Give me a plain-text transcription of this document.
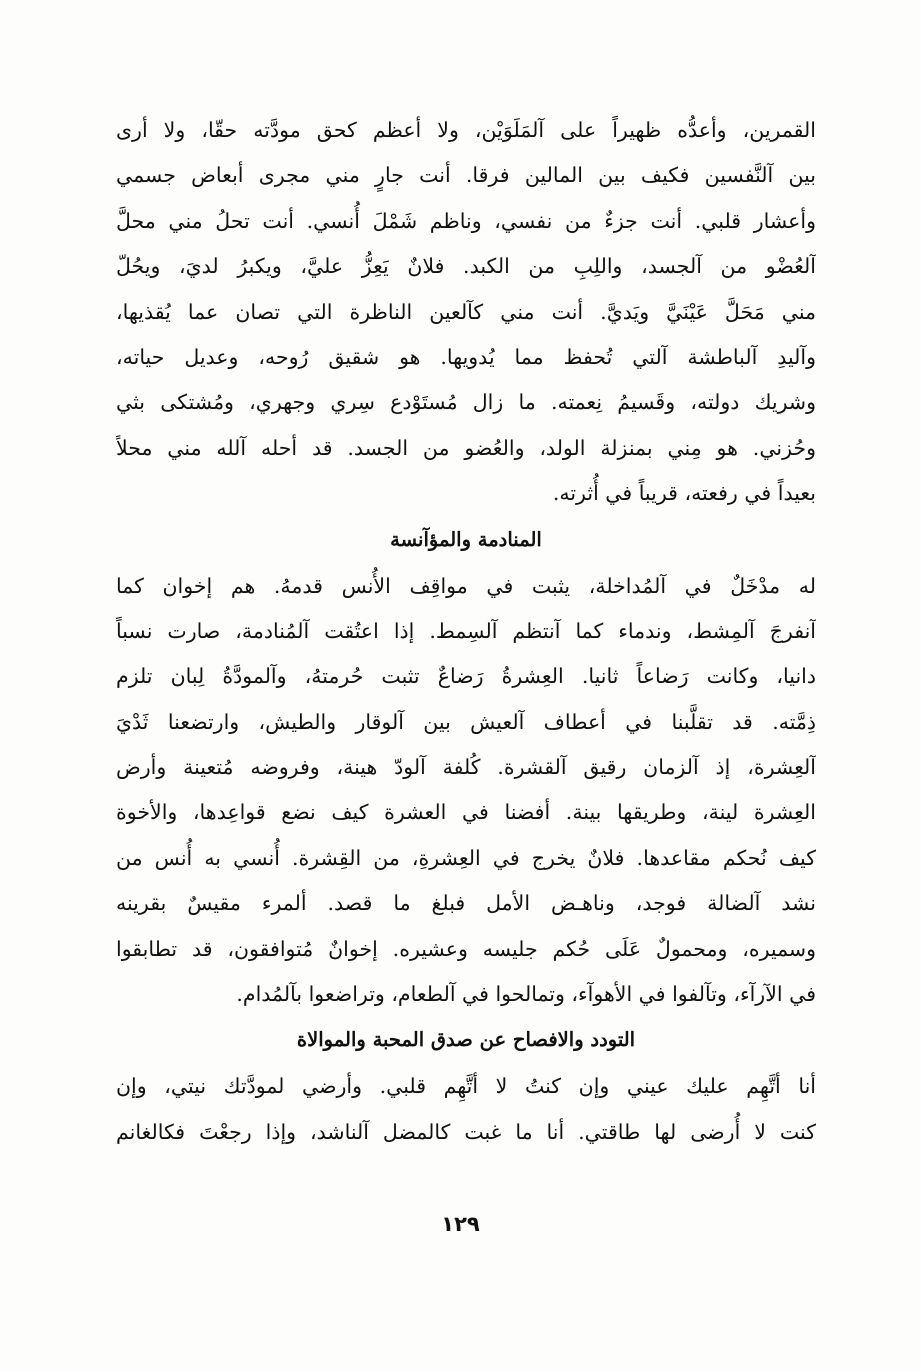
القمرين، وأعدُّه ظهيراً على آلمَلَوَيْن، ولا أعظم كحق مودَّته حقّا، ولا أرى
بين آلنَّفسين فكيف بين المالين فرقا. أنت جارٍ مني مجرى أبعاض جسمي
وأعشار قلبي. أنت جزءٌ من نفسي، وناظم شَمْلَ أُنسي. أنت تحلُ مني محلَّ
آلعُضْو من آلجسد، واللِبِ من الكبد. فلانٌ يَعِزُّ عليَّ، ويكبرُ لديَ، ويحُلّ
مني مَحَلَّ عَيْنَيَّ ويَديَّ. أنت مني كآلعين الناظرة التي تصان عما يُقذيها،
وآليدِ آلباطشة آلتي تُحفظ مما يُدويها. هو شقيق رُوحه، وعديل حياته،
وشريك دولته، وقَسيمُ نِعمته. ما زال مُستَوْدع سِري وجهري، ومُشتكى بثي
وحُزني. هو مِني بمنزلة الولد، والعُضو من الجسد. قد أحله آلله مني محلاً
بعيداً في رفعته، قريباً في أُثرته.
المنادمة والمؤآنسة
له مدْخَلٌ في آلمُداخلة، يثبت في مواقِف الأُنس قدمهُ. هم إخوان كما
آنفرجَ آلمِشط، وندماء كما آنتظم آلسِمط. إذا اعتُقت آلمُنادمة، صارت نسباً
دانيا، وكانت رَضاعاً ثانيا. العِشرةُ رَضاعٌ تثبت حُرمتهُ، وآلمودَّةُ لِبان تلزم
ذِمَّته. قد تقلَّبنا في أعطاف آلعيش بين آلوقار والطيش، وارتضعنا ثَدْيَ
آلعِشرة، إذ آلزمان رقيق آلقشرة. كُلفة آلودّ هينة، وفروضه مُتعينة وأرض
العِشرة لينة، وطريقها بينة. أفضنا في العشرة كيف نضع قواعِدها، والأخوة
كيف نُحكم مقاعدها. فلانٌ يخرج في العِشرةِ، من القِشرة. أُنسي به أُنس من
نشد آلضالة فوجد، وناهـض الأمل فبلغ ما قصد. ألمرء مقيسٌ بقرينه
وسميره، ومحمولٌ عَلَى حُكم جليسه وعشيره. إخوانٌ مُتوافقون، قد تطابقوا
في الآرآء، وتآلفوا في الأهوآء، وتمالحوا في آلطعام، وتراضعوا بآلمُدام.
التودد والافصاح عن صدق المحبة والموالاة
أنا أتَّهِم عليك عيني وإن كنتُ لا أتَّهِم قلبي. وأرضي لمودَّتك نيتي، وإن
كنت لا أُرضى لها طاقتي. أنا ما غبت كالمضل آلناشد، وإذا رجعْتَ فكالغانم
١٢٩
